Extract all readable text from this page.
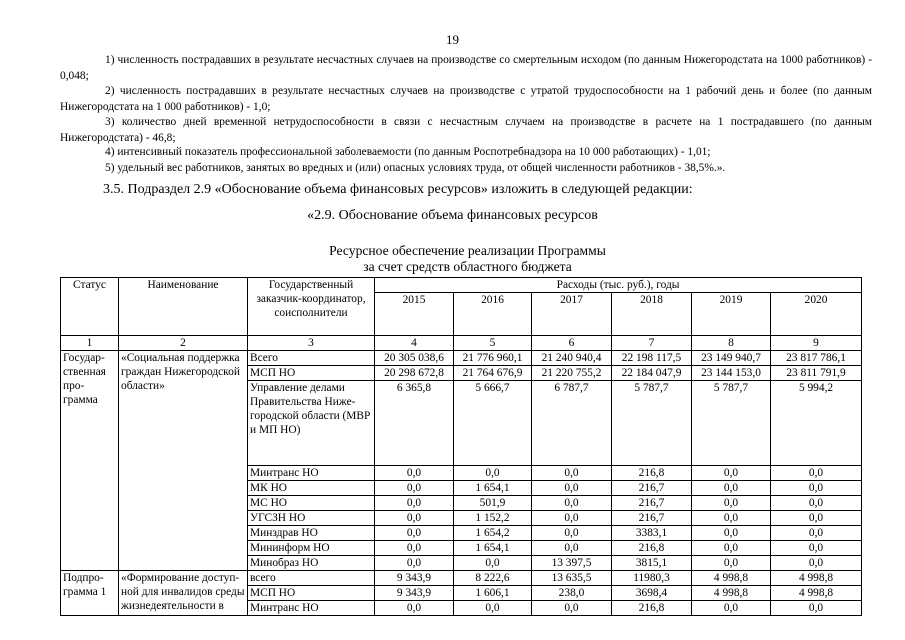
19
1) численность пострадавших в результате несчастных случаев на производстве со смертельным исходом (по данным Нижегородстата на 1000 работников) - 0,048;
2) численность пострадавших в результате несчастных случаев на производстве с утратой трудоспособности на 1 рабочий день и более (по данным Нижегородстата на 1 000 работников) - 1,0;
3) количество дней временной нетрудоспособности в связи с несчастным случаем на производстве в расчете на 1 пострадавшего (по данным Нижегородстата) - 46,8;
4) интенсивный показатель профессиональной заболеваемости (по данным Роспотребнадзора на 10 000 работающих) - 1,01;
5) удельный вес работников, занятых во вредных и (или) опасных условиях труда, от общей численности работников - 38,5%.».
3.5. Подраздел 2.9 «Обоснование объема финансовых ресурсов» изложить в следующей редакции:
«2.9. Обоснование объема финансовых ресурсов
Ресурсное обеспечение реализации Программы
за счет средств областного бюджета
Статус	Наименование	Государственный заказчик-координатор, соисполнители	Расходы (тыс. руб.), годы					
			2015	2016	2017	2018	2019	2020
1	2	3	4	5	6	7	8	9
Государ-ственная про-грамма	«Социальная поддержка граждан Нижегородской области»	Всего	20 305 038,6	21 776 960,1	21 240 940,4	22 198 117,5	23 149 940,7	23 817 786,1
		МСП НО	20 298 672,8	21 764 676,9	21 220 755,2	22 184 047,9	23 144 153,0	23 811 791,9
		Управление делами Правительства Ниже-городской области (МВР и МП НО)	6 365,8	5 666,7	6 787,7	5 787,7	5 787,7	5 994,2
		Минтранс НО	0,0	0,0	0,0	216,8	0,0	0,0
		МК НО	0,0	1 654,1	0,0	216,7	0,0	0,0
		МС НО	0,0	501,9	0,0	216,7	0,0	0,0
		УГСЗН НО	0,0	1 152,2	0,0	216,7	0,0	0,0
		Минздрав НО	0,0	1 654,2	0,0	3383,1	0,0	0,0
		Мининформ НО	0,0	1 654,1	0,0	216,8	0,0	0,0
		Минобраз НО	0,0	0,0	13 397,5	3815,1	0,0	0,0
Подпро-грамма 1	«Формирование доступ-ной для инвалидов среды жизнедеятельности в	всего	9 343,9	8 222,6	13 635,5	11980,3	4 998,8	4 998,8
		МСП НО	9 343,9	1 606,1	238,0	3698,4	4 998,8	4 998,8
		Минтранс НО	0,0	0,0	0,0	216,8	0,0	0,0
